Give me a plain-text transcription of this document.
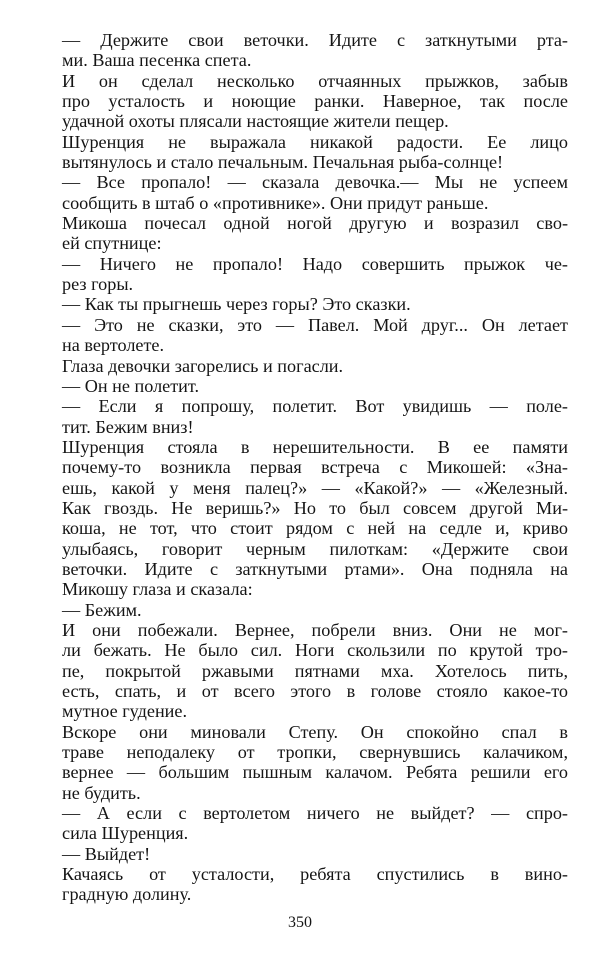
— Держите свои веточки. Идите с заткнутыми рта-
ми. Ваша песенка спета.
И он сделал несколько отчаянных прыжков, забыв
про усталость и ноющие ранки. Наверное, так после
удачной охоты плясали настоящие жители пещер.
Шуренция не выражала никакой радости. Ее лицо
вытянулось и стало печальным. Печальная рыба-солнце!
— Все пропало! — сказала девочка.— Мы не успеем
сообщить в штаб о «противнике». Они придут раньше.
Микоша почесал одной ногой другую и возразил сво-
ей спутнице:
— Ничего не пропало! Надо совершить прыжок че-
рез горы.
— Как ты прыгнешь через горы? Это сказки.
— Это не сказки, это — Павел. Мой друг... Он летает
на вертолете.
Глаза девочки загорелись и погасли.
— Он не полетит.
— Если я попрошу, полетит. Вот увидишь — поле-
тит. Бежим вниз!
Шуренция стояла в нерешительности. В ее памяти
почему-то возникла первая встреча с Микошей: «Зна-
ешь, какой у меня палец?» — «Какой?» — «Железный.
Как гвоздь. Не веришь?» Но то был совсем другой Ми-
коша, не тот, что стоит рядом с ней на седле и, криво
улыбаясь, говорит черным пилоткам: «Держите свои
веточки. Идите с заткнутыми ртами». Она подняла на
Микошу глаза и сказала:
— Бежим.
И они побежали. Вернее, побрели вниз. Они не мог-
ли бежать. Не было сил. Ноги скользили по крутой тро-
пе, покрытой ржавыми пятнами мха. Хотелось пить,
есть, спать, и от всего этого в голове стояло какое-то
мутное гудение.
Вскоре они миновали Степу. Он спокойно спал в
траве неподалеку от тропки, свернувшись калачиком,
вернее — большим пышным калачом. Ребята решили его
не будить.
— А если с вертолетом ничего не выйдет? — спро-
сила Шуренция.
— Выйдет!
Качаясь от усталости, ребята спустились в вино-
градную долину.
350
